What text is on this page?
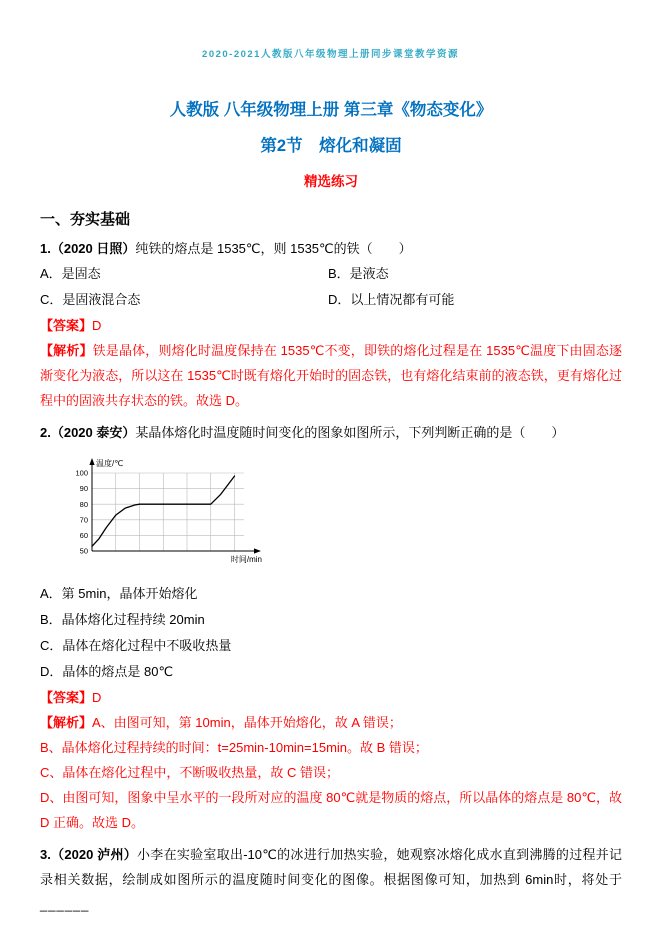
2020-2021人教版八年级物理上册同步课堂教学资源
人教版 八年级物理上册 第三章《物态变化》
第2节　熔化和凝固
精选练习
一、夯实基础
1.（2020 日照）纯铁的熔点是 1535℃，则 1535℃的铁（　　）
A．是固态	B．是液态
C．是固液混合态	D．以上情况都有可能
【答案】D
【解析】铁是晶体，则熔化时温度保持在 1535℃不变，即铁的熔化过程是在 1535℃温度下由固态逐渐变化为液态，所以这在 1535℃时既有熔化开始时的固态铁，也有熔化结束前的液态铁，更有熔化过程中的固液共存状态的铁。故选 D。
2.（2020 泰安）某晶体熔化时温度随时间变化的图象如图所示，下列判断正确的是（　　）
50
60
70
80
90
100
温度/℃
时间/min
A．第 5min，晶体开始熔化
B．晶体熔化过程持续 20min
C．晶体在熔化过程中不吸收热量
D．晶体的熔点是 80℃
【答案】D
【解析】A、由图可知，第 10min，晶体开始熔化，故 A 错误；
B、晶体熔化过程持续的时间：t=25min-10min=15min。故 B 错误；
C、晶体在熔化过程中，不断吸收热量，故 C 错误；
D、由图可知，图象中呈水平的一段所对应的温度 80℃就是物质的熔点，所以晶体的熔点是 80℃，故 D 正确。故选 D。
3.（2020 泸州）小李在实验室取出-10℃的冰进行加热实验，她观察冰熔化成水直到沸腾的过程并记录相关数据，绘制成如图所示的温度随时间变化的图像。根据图像可知，加热到 6min时，将处于 ______
